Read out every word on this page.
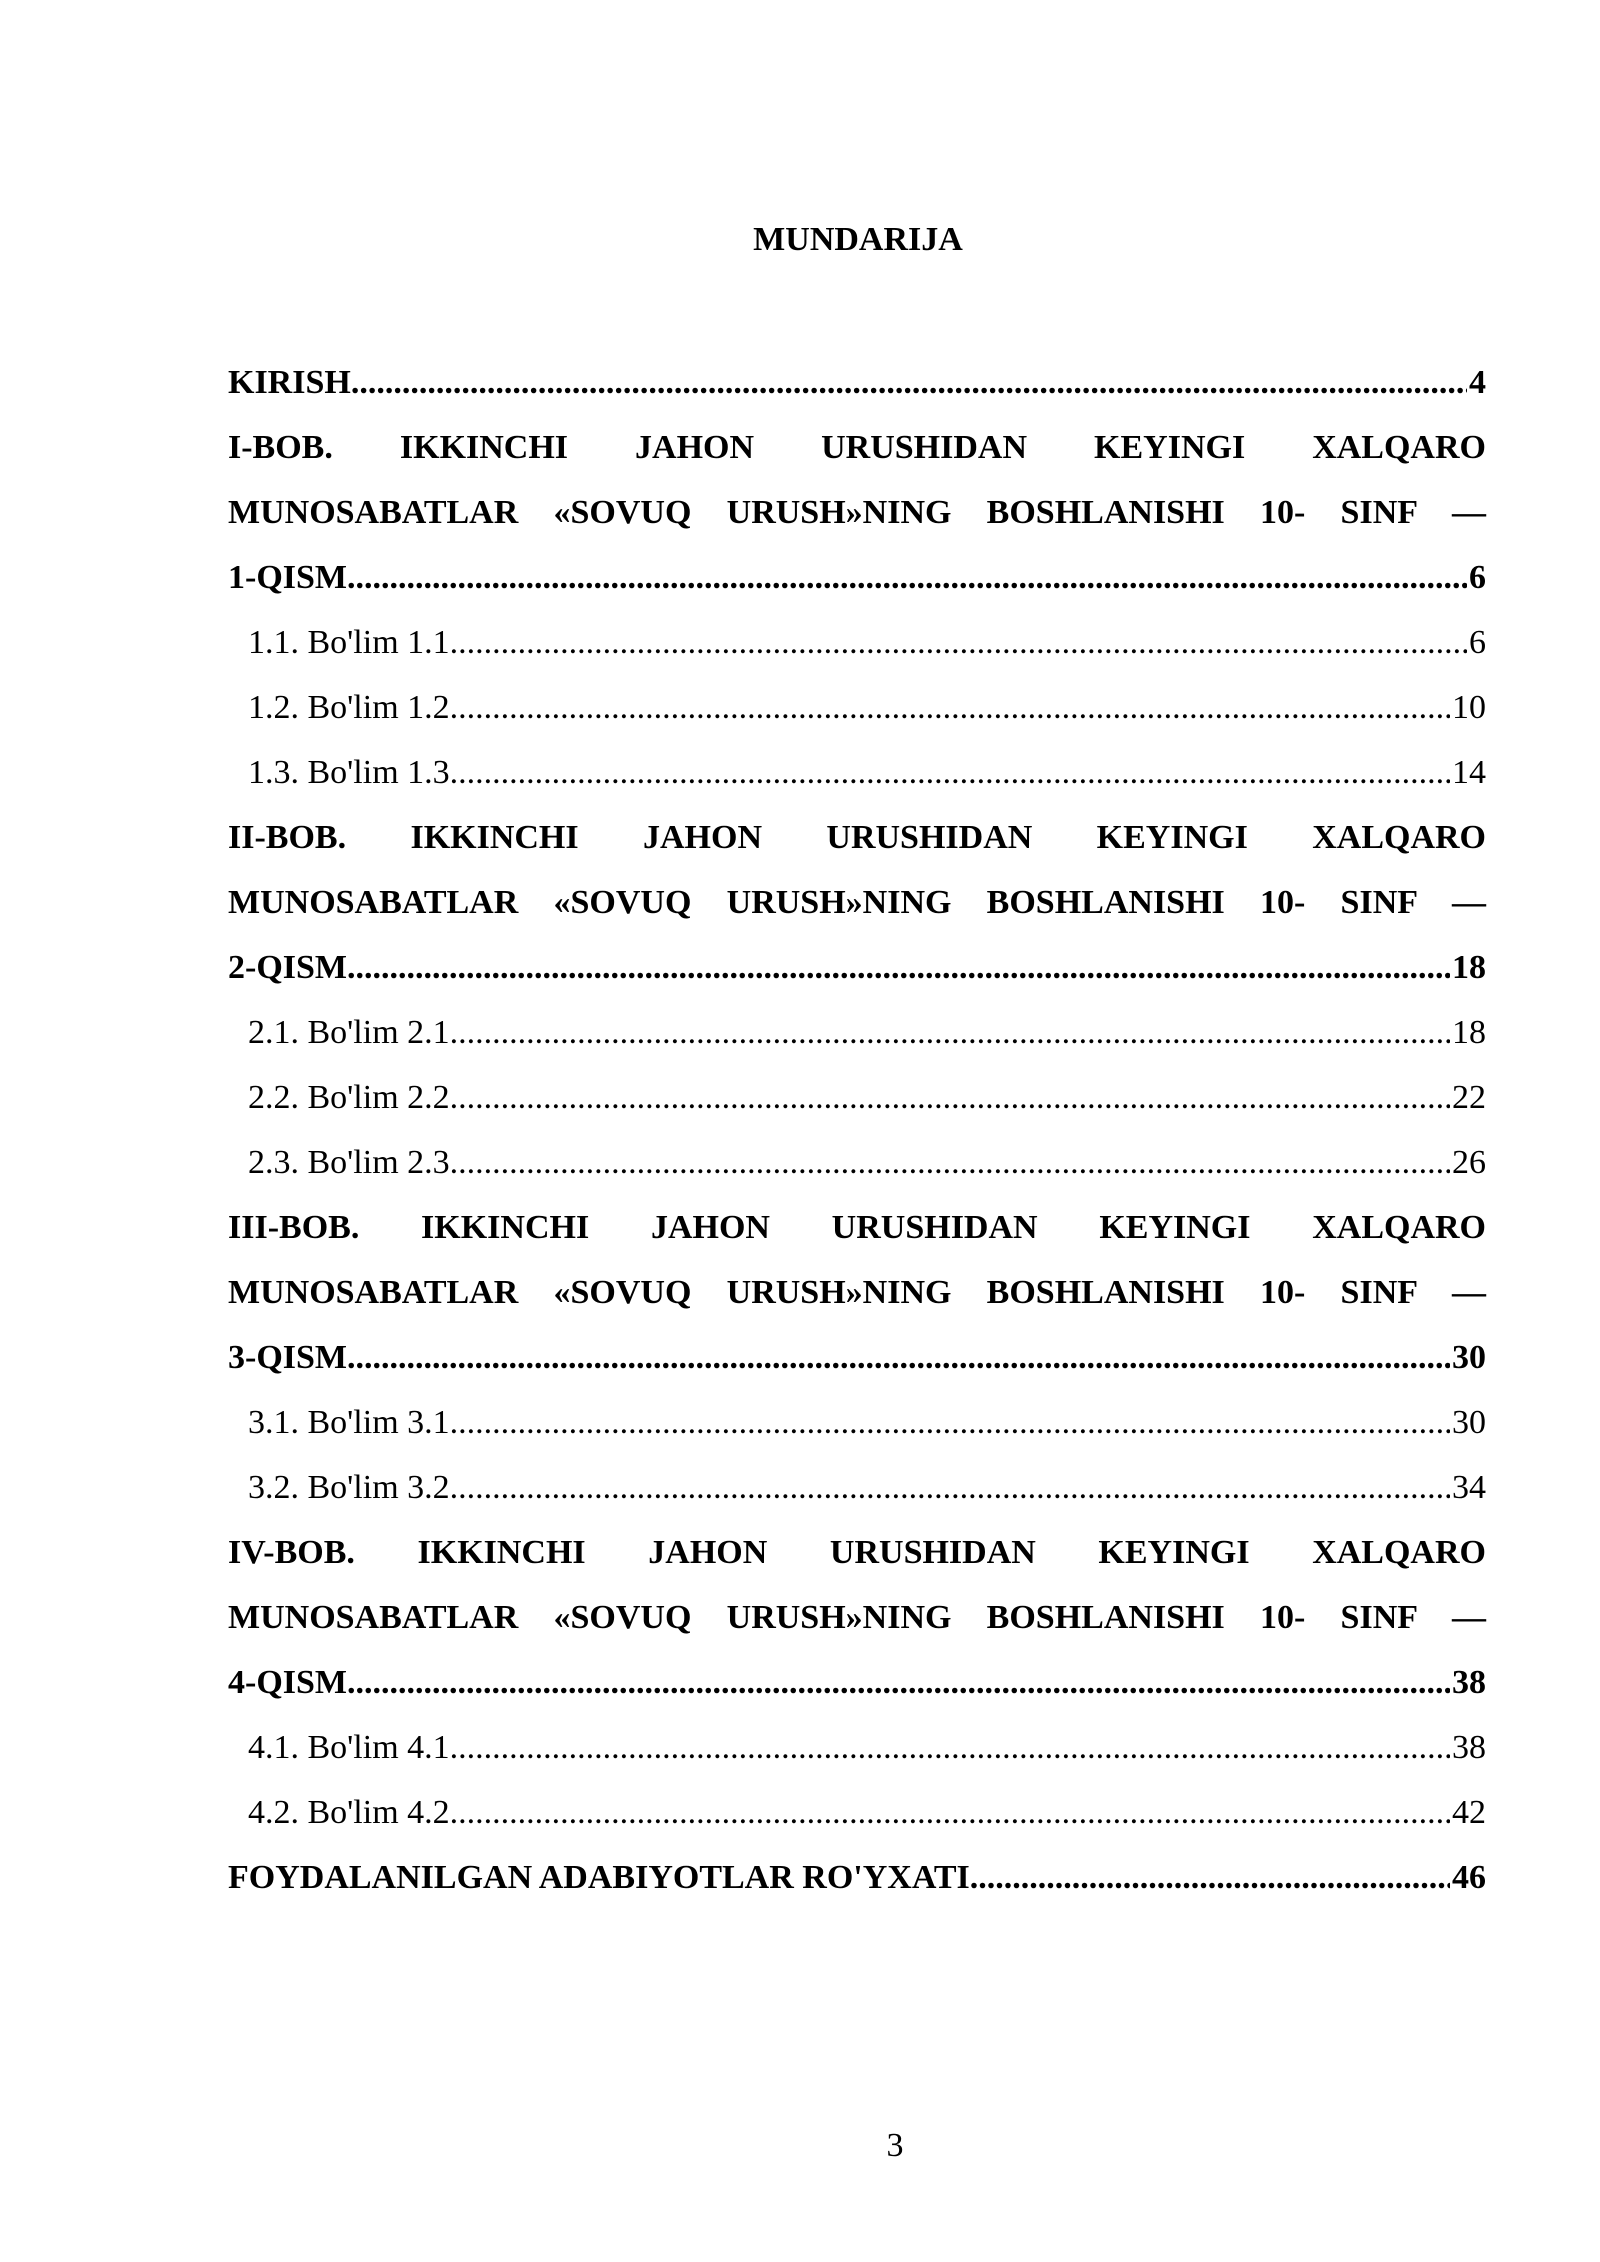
MUNDARIJA
KIRISH .....	4
I-BOB. IKKINCHI JAHON URUSHIDAN KEYINGI XALQARO
MUNOSABATLAR «SOVUQ URUSH»NING BOSHLANISHI 10- SINF —
1-QISM .....	6
1.1. Bo'lim 1.1 .....	6
1.2. Bo'lim 1.2 .....	10
1.3. Bo'lim 1.3 .....	14
II-BOB. IKKINCHI JAHON URUSHIDAN KEYINGI XALQARO
MUNOSABATLAR «SOVUQ URUSH»NING BOSHLANISHI 10- SINF —
2-QISM .....	18
2.1. Bo'lim 2.1 .....	18
2.2. Bo'lim 2.2 .....	22
2.3. Bo'lim 2.3 .....	26
III-BOB. IKKINCHI JAHON URUSHIDAN KEYINGI XALQARO
MUNOSABATLAR «SOVUQ URUSH»NING BOSHLANISHI 10- SINF —
3-QISM .....	30
3.1. Bo'lim 3.1 .....	30
3.2. Bo'lim 3.2 .....	34
IV-BOB. IKKINCHI JAHON URUSHIDAN KEYINGI XALQARO
MUNOSABATLAR «SOVUQ URUSH»NING BOSHLANISHI 10- SINF —
4-QISM .....	38
4.1. Bo'lim 4.1 .....	38
4.2. Bo'lim 4.2 .....	42
FOYDALANILGAN ADABIYOTLAR RO'YXATI .....	46
3
